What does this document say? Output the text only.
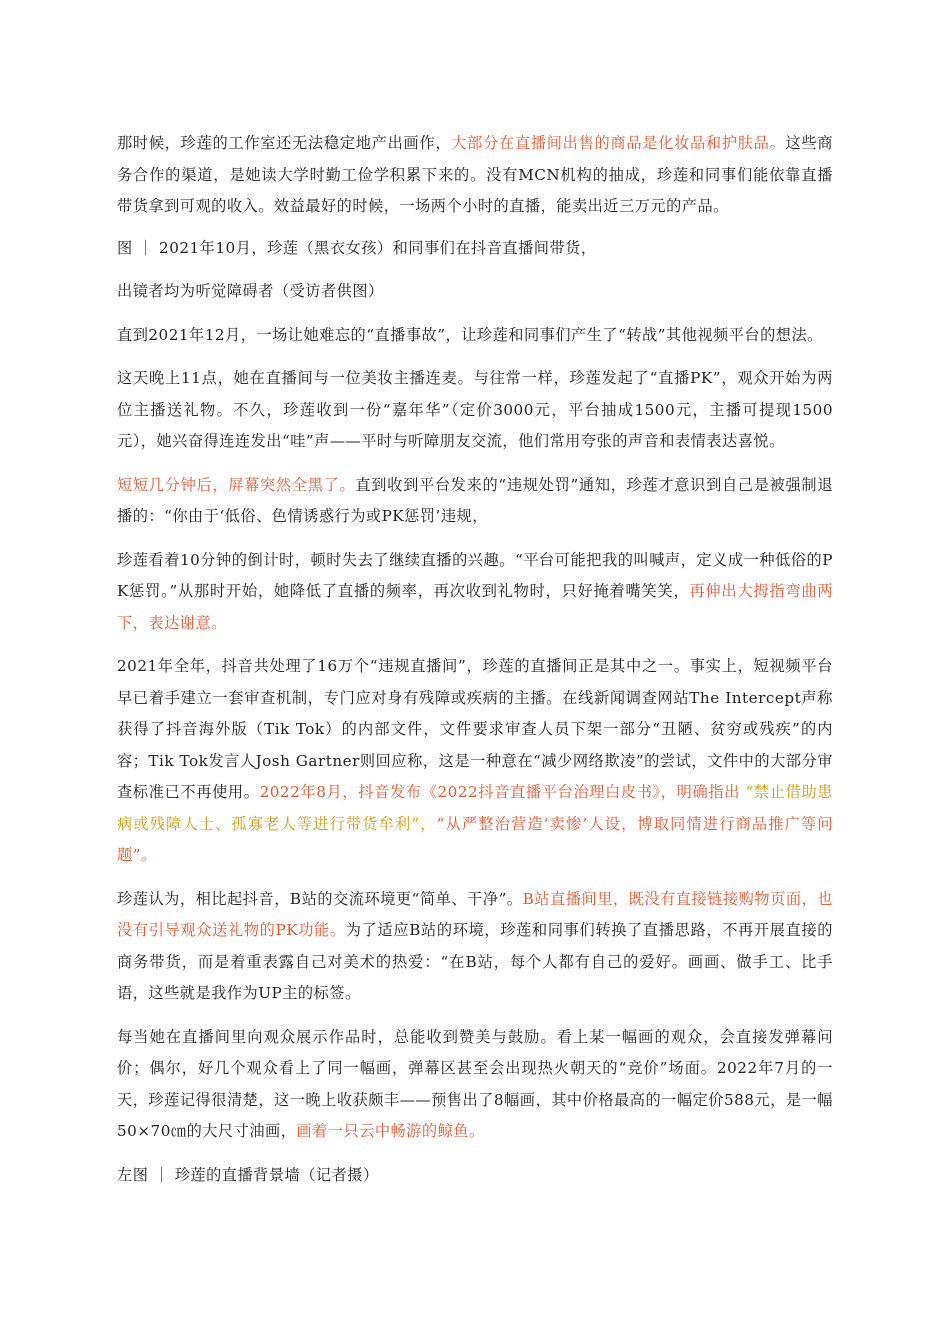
那时候，珍莲的工作室还无法稳定地产出画作，大部分在直播间出售的商品是化妆品和护肤品。这些商务合作的渠道，是她读大学时勤工俭学积累下来的。没有MCN机构的抽成，珍莲和同事们能依靠直播带货拿到可观的收入。效益最好的时候，一场两个小时的直播，能卖出近三万元的产品。

图 ｜ 2021年10月，珍莲（黑衣女孩）和同事们在抖音直播间带货，

出镜者均为听觉障碍者（受访者供图）

直到2021年12月，一场让她难忘的“直播事故”，让珍莲和同事们产生了“转战”其他视频平台的想法。

这天晚上11点，她在直播间与一位美妆主播连麦。与往常一样，珍莲发起了“直播PK”，观众开始为两位主播送礼物。不久，珍莲收到一份“嘉年华”（定价3000元，平台抽成1500元，主播可提现1500元），她兴奋得连连发出“哇”声——平时与听障朋友交流，他们常用夸张的声音和表情表达喜悦。

短短几分钟后，屏幕突然全黑了。直到收到平台发来的“违规处罚”通知，珍莲才意识到自己是被强制退播的：“你由于‘低俗、色情诱惑行为或PK惩罚’违规，

珍莲看着10分钟的倒计时，顿时失去了继续直播的兴趣。“平台可能把我的叫喊声，定义成一种低俗的PK惩罚。”从那时开始，她降低了直播的频率，再次收到礼物时，只好掩着嘴笑笑，再伸出大拇指弯曲两下，表达谢意。

2021年全年，抖音共处理了16万个“违规直播间”，珍莲的直播间正是其中之一。事实上，短视频平台早已着手建立一套审查机制，专门应对身有残障或疾病的主播。在线新闻调查网站The Intercept声称获得了抖音海外版（Tik Tok）的内部文件，文件要求审查人员下架一部分“丑陋、贫穷或残疾”的内容；Tik Tok发言人Josh Gartner则回应称，这是一种意在“减少网络欺凌”的尝试，文件中的大部分审查标准已不再使用。2022年8月，抖音发布《2022抖音直播平台治理白皮书》，明确指出 “禁止借助患病或残障人士、孤寡老人等进行带货牟利”，“从严整治营造‘卖惨’人设，博取同情进行商品推广等问题”。

珍莲认为，相比起抖音，B站的交流环境更“简单、干净”。B站直播间里，既没有直接链接购物页面，也没有引导观众送礼物的PK功能。为了适应B站的环境，珍莲和同事们转换了直播思路，不再开展直接的商务带货，而是着重表露自己对美术的热爱：“在B站，每个人都有自己的爱好。画画、做手工、比手语，这些就是我作为UP主的标签。

每当她在直播间里向观众展示作品时，总能收到赞美与鼓励。看上某一幅画的观众，会直接发弹幕问价；偶尔，好几个观众看上了同一幅画，弹幕区甚至会出现热火朝天的“竞价”场面。2022年7月的一天，珍莲记得很清楚，这一晚上收获颇丰——预售出了8幅画，其中价格最高的一幅定价588元，是一幅50×70㎝的大尺寸油画，画着一只云中畅游的鲸鱼。

左图 ｜ 珍莲的直播背景墙（记者摄）
